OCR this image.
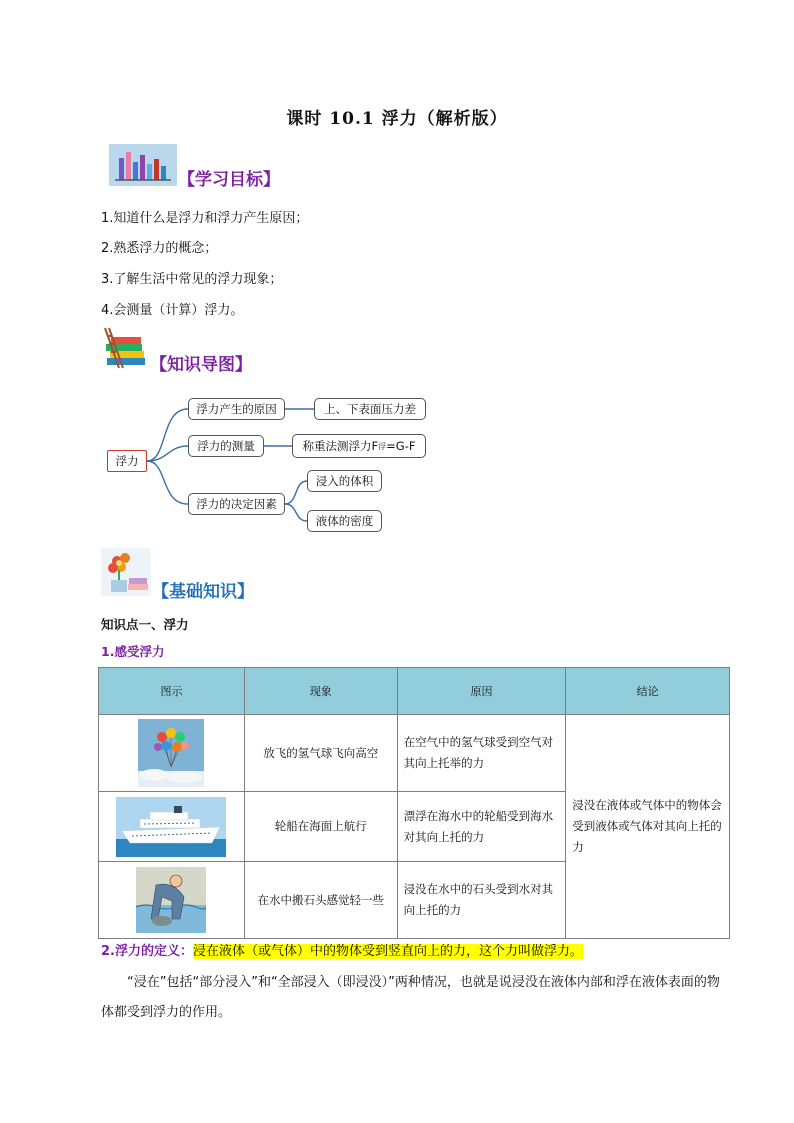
课时 10.1 浮力（解析版）
【学习目标】
1.知道什么是浮力和浮力产生原因；
2.熟悉浮力的概念；
3.了解生活中常见的浮力现象；
4.会测量（计算）浮力。
【知识导图】
浮力
浮力产生的原因	上、下表面压力差
浮力的测量	称重法测浮力F 浮 =G-F
浮力的决定因素
浸入的体积
液体的密度
【基础知识】
知识点一、浮力
1.感受浮力
图示	现象	原因	结论

	放飞的氢气球飞向高空	在空气中的氢气球受到空气对其向上托举的力	浸没在液体或气体中的物体会受到液体或气体对其向上托的力

	轮船在海面上航行	漂浮在海水中的轮船受到海水对其向上托的力	

	在水中搬石头感觉轻一些	浸没在水中的石头受到水对其向上托的力	
2.浮力的定义：浸在液体（或气体）中的物体受到竖直向上的力，这个力叫做浮力。
“浸在”包括“部分浸入”和“全部浸入（即浸没）”两种情况，也就是说浸没在液体内部和浮在液体表面的物体都受到浮力的作用。
